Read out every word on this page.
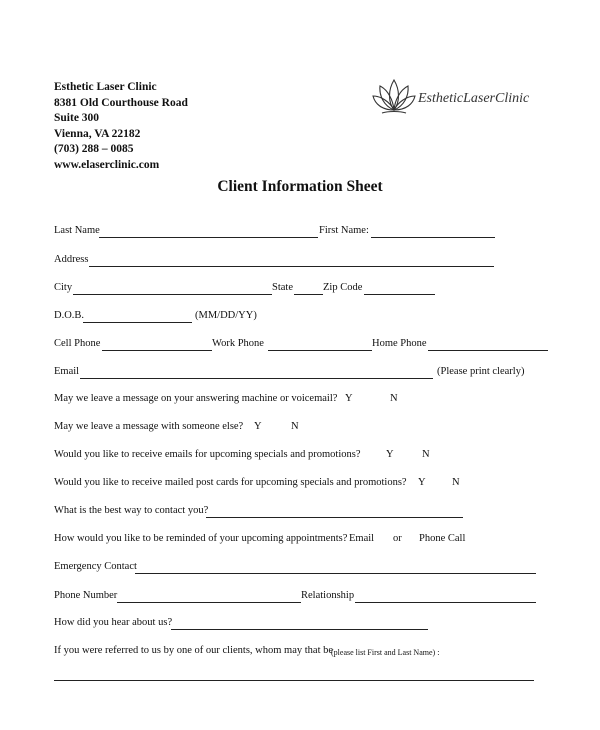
Esthetic Laser Clinic
8381 Old Courthouse Road
Suite 300
Vienna, VA 22182
(703) 288 – 0085
www.elaserclinic.com
EstheticLaserClinic
Client Information Sheet
Last Name	First Name:
Address
City	State	Zip Code
D.O.B.	(MM/DD/YY)
Cell Phone	Work Phone	Home Phone
Email	(Please print clearly)
May we leave a message on your answering machine or voicemail? Y	N
May we leave a message with someone else? Y	N
Would you like to receive emails for upcoming specials and promotions? Y	N
Would you like to receive mailed post cards for upcoming specials and promotions? Y	N
What is the best way to contact you?
How would you like to be reminded of your upcoming appointments? Email or Phone Call
Emergency Contact
Phone Number	Relationship
How did you hear about us?
If you were referred to us by one of our clients, whom may that be
(please list First and Last Name) :
